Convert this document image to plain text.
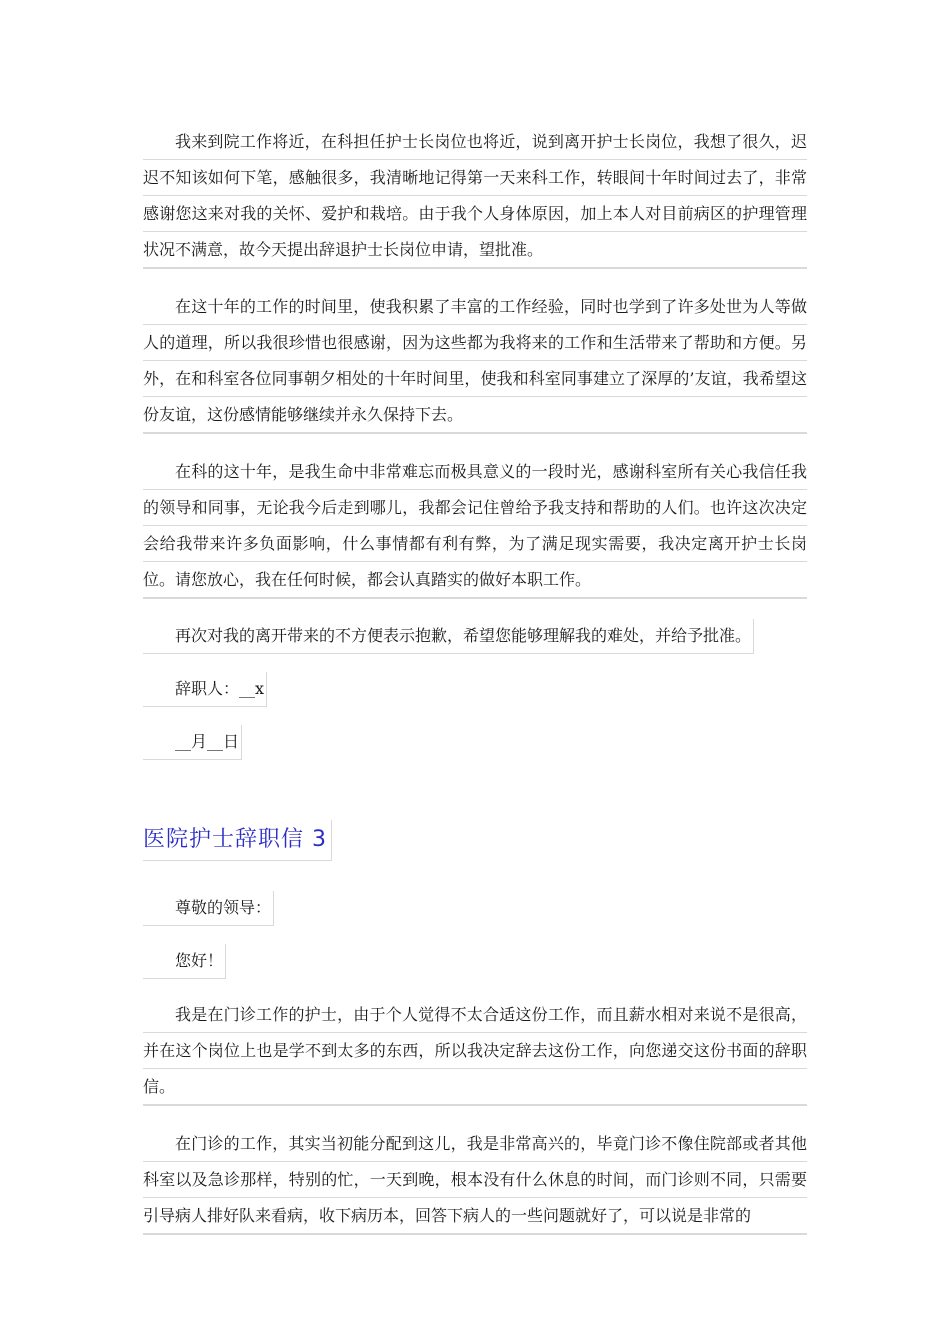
我来到院工作将近，在科担任护士长岗位也将近，说到离开护士长岗位，我想了很久，迟迟不知该如何下笔，感触很多，我清晰地记得第一天来科工作，转眼间十年时间过去了，非常感谢您这来对我的关怀、爱护和栽培。由于我个人身体原因，加上本人对目前病区的护理管理状况不满意，故今天提出辞退护士长岗位申请，望批准。
在这十年的工作的时间里，使我积累了丰富的工作经验，同时也学到了许多处世为人等做人的道理，所以我很珍惜也很感谢，因为这些都为我将来的工作和生活带来了帮助和方便。另外，在和科室各位同事朝夕相处的十年时间里，使我和科室同事建立了深厚的’友谊，我希望这份友谊，这份感情能够继续并永久保持下去。
在科的这十年，是我生命中非常难忘而极具意义的一段时光，感谢科室所有关心我信任我的领导和同事，无论我今后走到哪儿，我都会记住曾给予我支持和帮助的人们。也许这次决定会给我带来许多负面影响，什么事情都有利有弊，为了满足现实需要，我决定离开护士长岗位。请您放心，我在任何时候，都会认真踏实的做好本职工作。
再次对我的离开带来的不方便表示抱歉，希望您能够理解我的难处，并给予批准。
辞职人：__x
__月__日
医院护士辞职信 3
尊敬的领导：
您好！
我是在门诊工作的护士，由于个人觉得不太合适这份工作，而且薪水相对来说不是很高，并在这个岗位上也是学不到太多的东西，所以我决定辞去这份工作，向您递交这份书面的辞职信。
在门诊的工作，其实当初能分配到这儿，我是非常高兴的，毕竟门诊不像住院部或者其他科室以及急诊那样，特别的忙，一天到晚，根本没有什么休息的时间，而门诊则不同，只需要引导病人排好队来看病，收下病历本，回答下病人的一些问题就好了，可以说是非常的
